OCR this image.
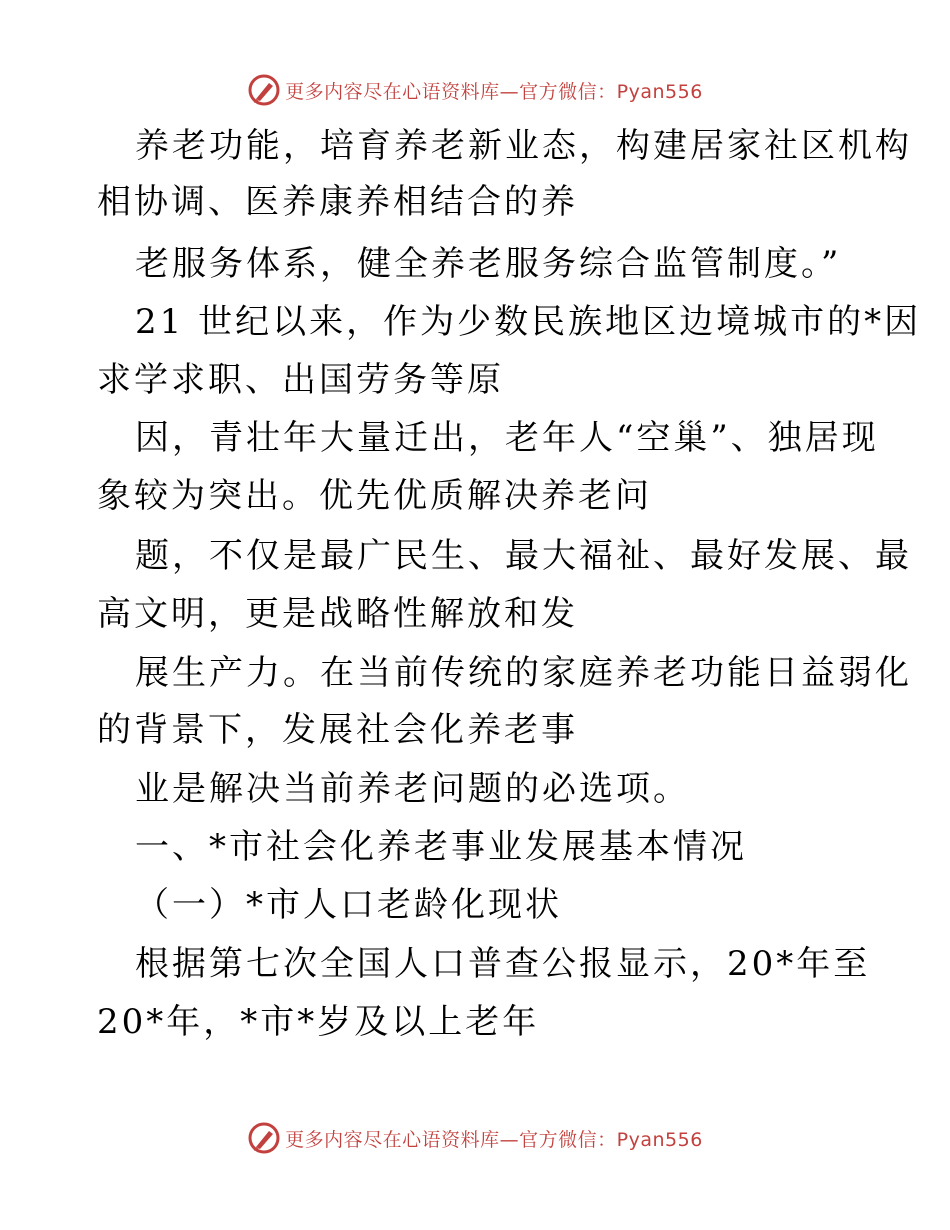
更多内容尽在心语资料库—官方微信：Pyan556
养老功能，培育养老新业态，构建居家社区机构
相协调、医养康养相结合的养
老服务体系，健全养老服务综合监管制度。”
21 世纪以来，作为少数民族地区边境城市的*因
求学求职、出国劳务等原
因，青壮年大量迁出，老年人“空巢”、独居现
象较为突出。优先优质解决养老问
题，不仅是最广民生、最大福祉、最好发展、最
高文明，更是战略性解放和发
展生产力。在当前传统的家庭养老功能日益弱化
的背景下，发展社会化养老事
业是解决当前养老问题的必选项。
一、*市社会化养老事业发展基本情况
（一）*市人口老龄化现状
根据第七次全国人口普查公报显示，20*年至
20*年，*市*岁及以上老年
更多内容尽在心语资料库—官方微信：Pyan556
